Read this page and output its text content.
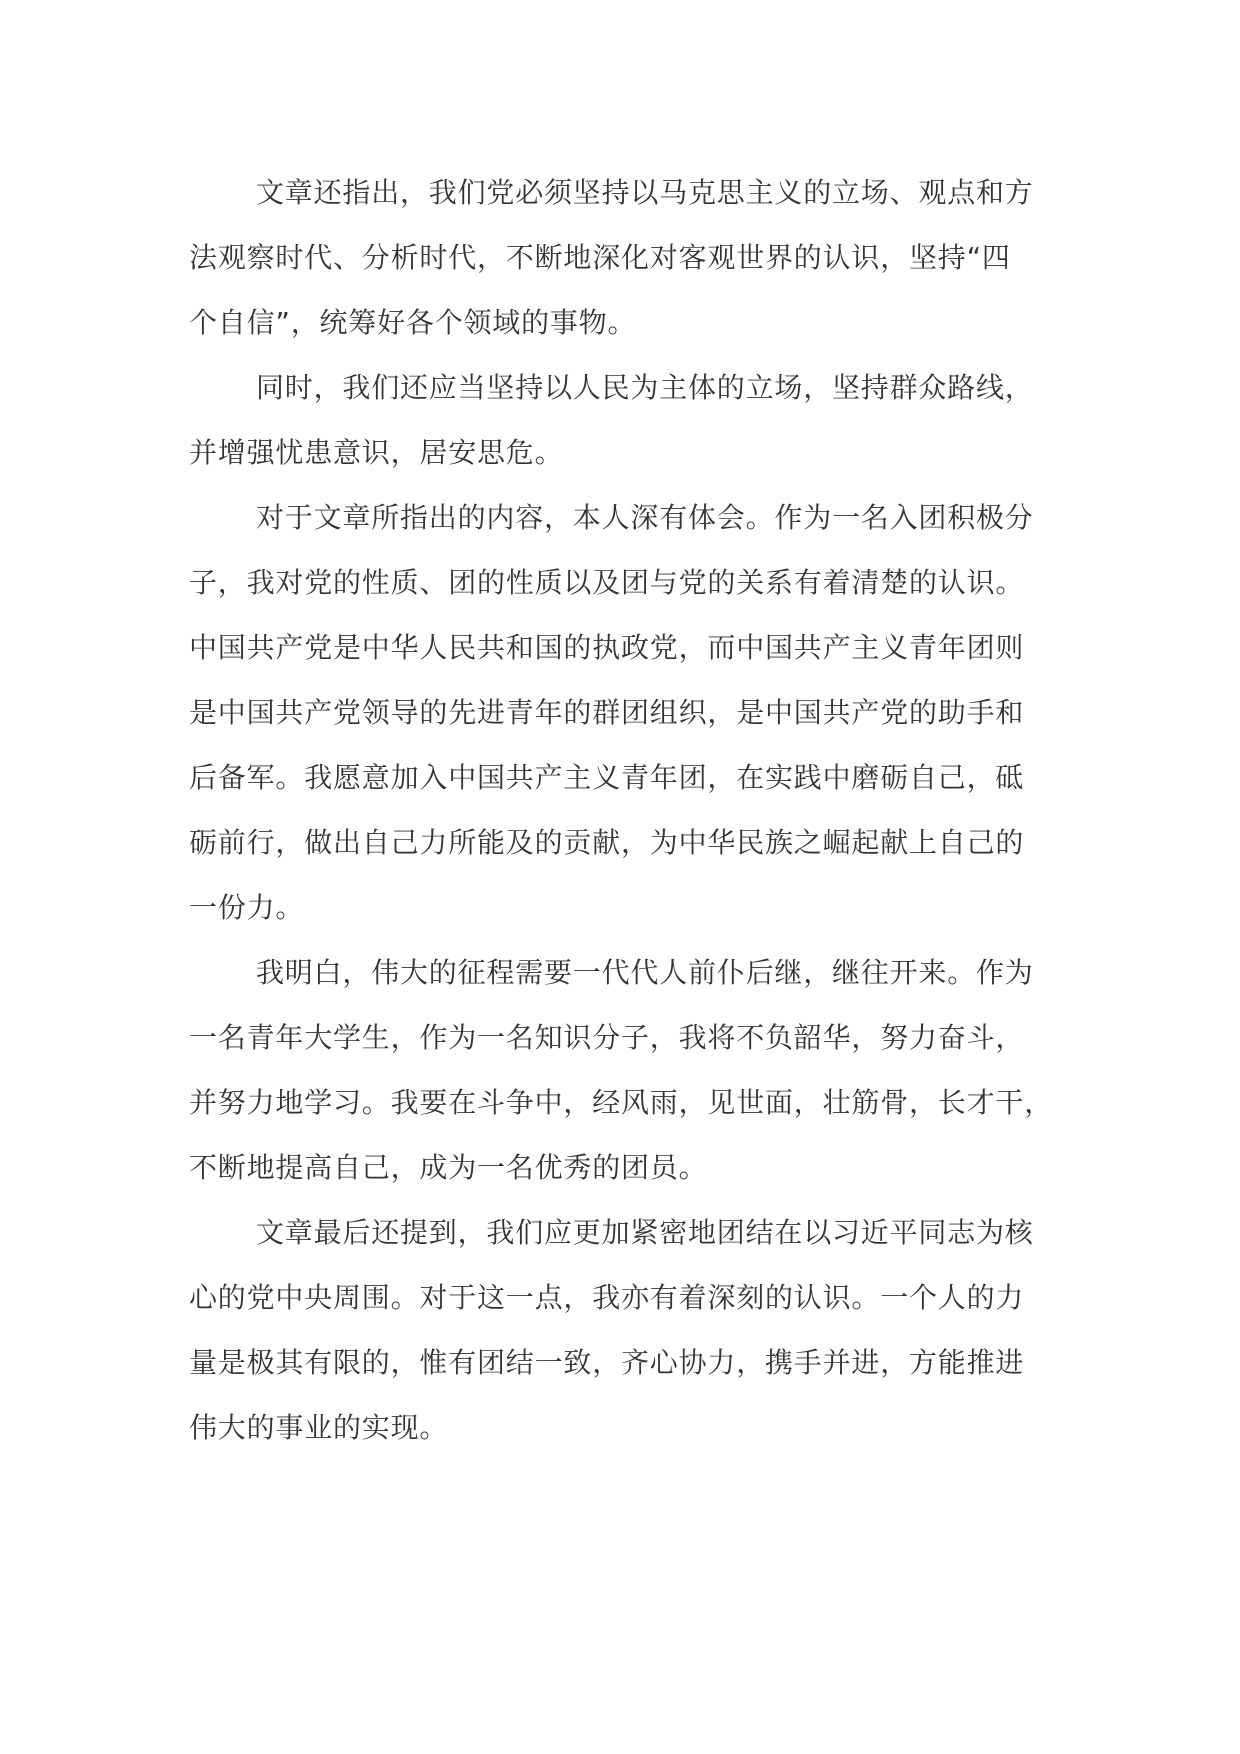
文章还指出，我们党必须坚持以马克思主义的立场、观点和方
法观察时代、分析时代，不断地深化对客观世界的认识，坚持“四
个自信”，统筹好各个领域的事物。
同时，我们还应当坚持以人民为主体的立场，坚持群众路线，
并增强忧患意识，居安思危。
对于文章所指出的内容，本人深有体会。作为一名入团积极分
子，我对党的性质、团的性质以及团与党的关系有着清楚的认识。
中国共产党是中华人民共和国的执政党，而中国共产主义青年团则
是中国共产党领导的先进青年的群团组织，是中国共产党的助手和
后备军。我愿意加入中国共产主义青年团，在实践中磨砺自己，砥
砺前行，做出自己力所能及的贡献，为中华民族之崛起献上自己的
一份力。
我明白，伟大的征程需要一代代人前仆后继，继往开来。作为
一名青年大学生，作为一名知识分子，我将不负韶华，努力奋斗，
并努力地学习。我要在斗争中，经风雨，见世面，壮筋骨，长才干，
不断地提高自己，成为一名优秀的团员。
文章最后还提到，我们应更加紧密地团结在以习近平同志为核
心的党中央周围。对于这一点，我亦有着深刻的认识。一个人的力
量是极其有限的，惟有团结一致，齐心协力，携手并进，方能推进
伟大的事业的实现。
